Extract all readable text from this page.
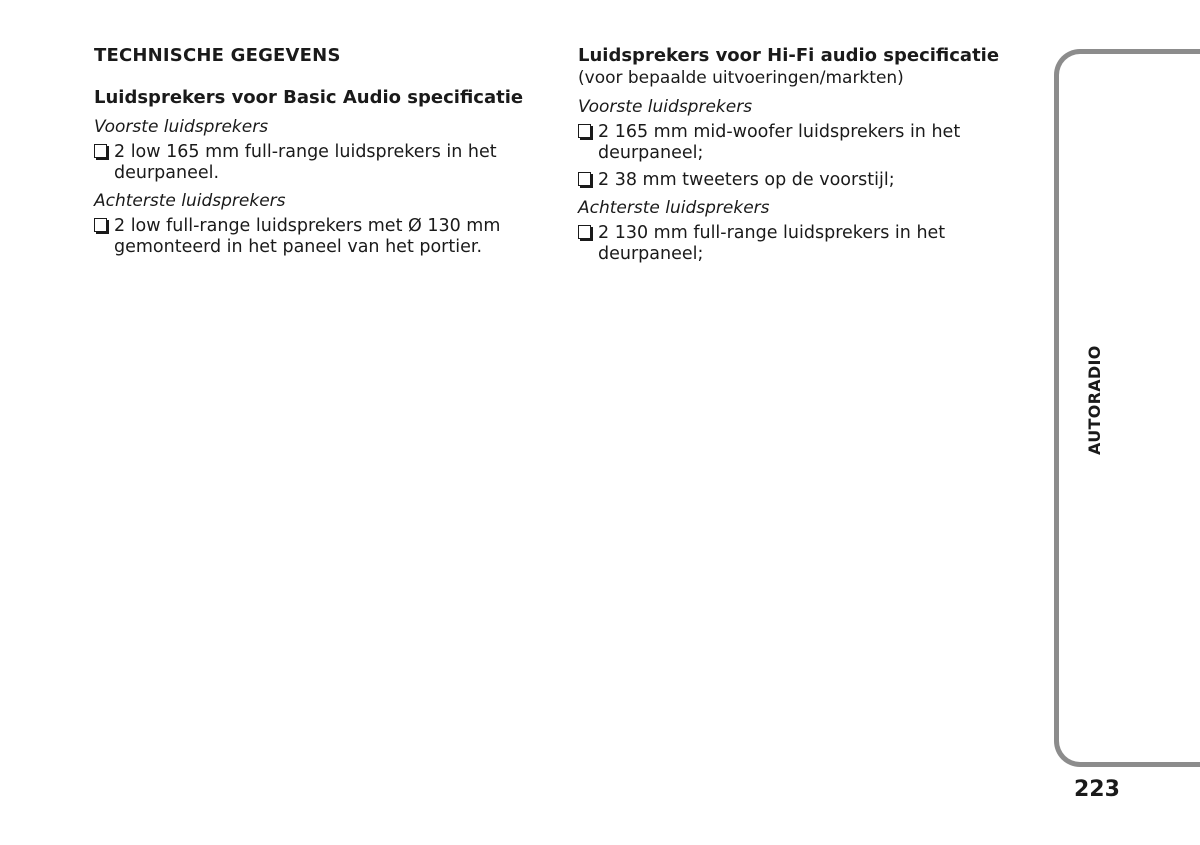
TECHNISCHE GEGEVENS
Luidsprekers voor Basic Audio specificatie
Voorste luidsprekers
2 low 165 mm full-range luidsprekers in het deurpaneel.
Achterste luidsprekers
2 low full-range luidsprekers met Ø 130 mm gemonteerd in het paneel van het portier.
Luidsprekers voor Hi-Fi audio specificatie
(voor bepaalde uitvoeringen/markten)
Voorste luidsprekers
2 165 mm mid-woofer luidsprekers in het deurpaneel;
2 38 mm tweeters op de voorstijl;
Achterste luidsprekers
2 130 mm full-range luidsprekers in het deurpaneel;
AUTORADIO
223
